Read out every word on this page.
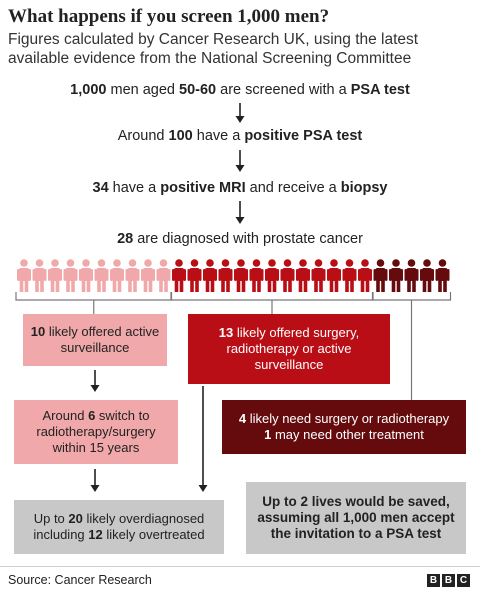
What happens if you screen 1,000 men?
Figures calculated by Cancer Research UK, using the latest available evidence from the National Screening Committee
1,000 men aged 50-60 are screened with a PSA test
Around 100 have a positive PSA test
34 have a positive MRI and receive a biopsy
28 are diagnosed with prostate cancer
10 likely offered active surveillance
Around 6 switch to radiotherapy/surgery within 15 years
13 likely offered surgery, radiotherapy or active surveillance
4 likely need surgery or radiotherapy
1 may need other treatment
Up to 20 likely overdiagnosed including 12 likely overtreated
Up to 2 lives would be saved, assuming all 1,000 men accept the invitation to a PSA test
Source: Cancer Research	B B C
